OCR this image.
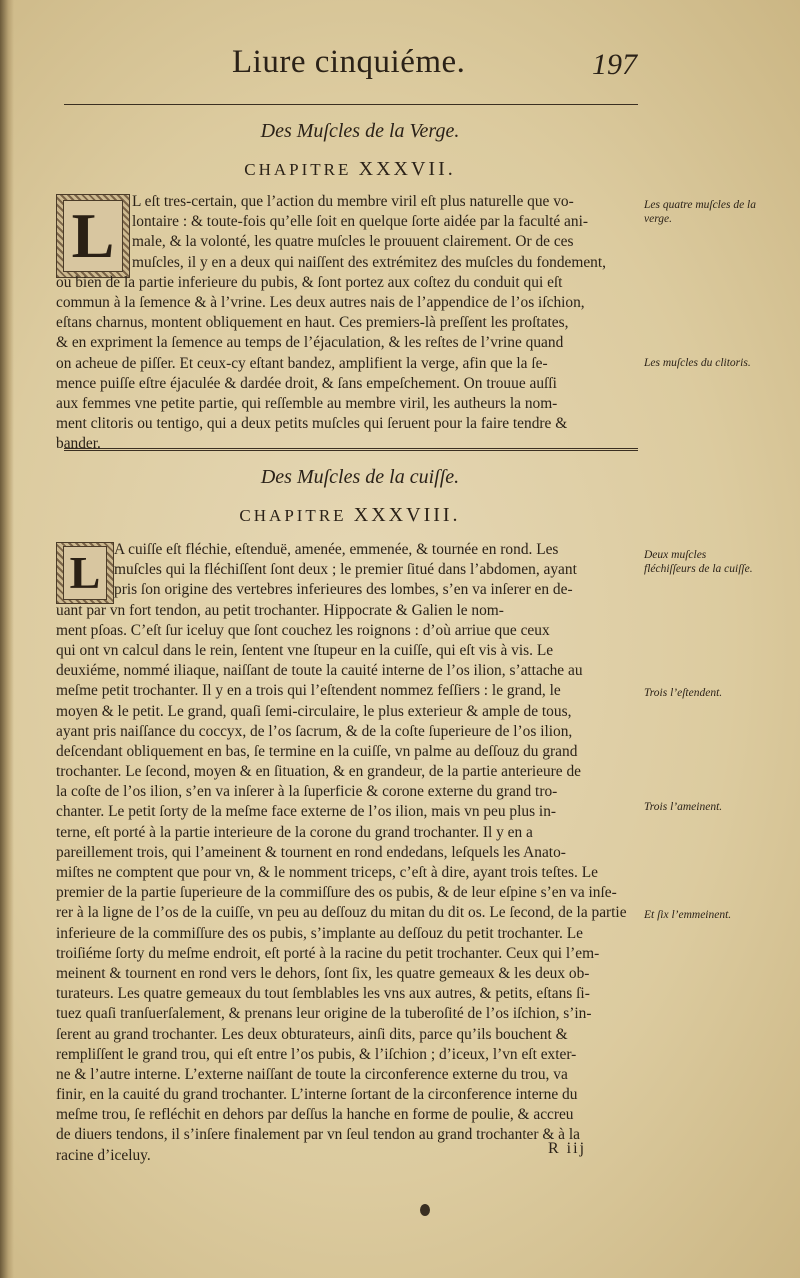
Liure cinquiéme.	197
Des Muſcles de la Verge.
CHAPITRE XXXVII.
L	L eſt tres-certain, que l’action du membre viril eſt plus naturelle que vo-
lontaire : & toute-fois qu’elle ſoit en quelque ſorte aidée par la faculté ani-
male, & la volonté, les quatre muſcles le prouuent clairement. Or de ces
muſcles, il y en a deux qui naiſſent des extrémitez des muſcles du fondement,
ou bien de la partie inferieure du pubis, & ſont portez aux coſtez du conduit qui eſt
commun à la ſemence & à l’vrine. Les deux autres nais de l’appendice de l’os iſchion,
eſtans charnus, montent obliquement en haut. Ces premiers-là preſſent les proſtates,
& en expriment la ſemence au temps de l’éjaculation, & les reſtes de l’vrine quand
on acheue de piſſer. Et ceux-cy eſtant bandez, amplifient la verge, afin que la ſe-
mence puiſſe eſtre éjaculée & dardée droit, & ſans empeſchement. On trouue auſſi
aux femmes vne petite partie, qui reſſemble au membre viril, les autheurs la nom-
ment clitoris ou tentigo, qui a deux petits muſcles qui ſeruent pour la faire tendre &
bander.
Les quatre muſcles de la verge.
Les muſcles du clitoris.
Des Muſcles de la cuiſſe.
CHAPITRE XXXVIII.
L A cuiſſe eſt fléchie, eſtenduë, amenée, emmenée, & tournée en rond. Les
muſcles qui la fléchiſſent ſont deux ; le premier ſitué dans l’abdomen, ayant
pris ſon origine des vertebres inferieures des lombes, s’en va inſerer en de-
uant par vn fort tendon, au petit trochanter. Hippocrate & Galien le nom-
ment pſoas. C’eſt ſur iceluy que ſont couchez les roignons : d’où arriue que ceux
qui ont vn calcul dans le rein, ſentent vne ſtupeur en la cuiſſe, qui eſt vis à vis. Le
deuxiéme, nommé iliaque, naiſſant de toute la cauité interne de l’os ilion, s’attache au
meſme petit trochanter. Il y en a trois qui l’eſtendent nommez feſſiers : le grand, le
moyen & le petit. Le grand, quaſi ſemi-circulaire, le plus exterieur & ample de tous,
ayant pris naiſſance du coccyx, de l’os ſacrum, & de la coſte ſuperieure de l’os ilion,
deſcendant obliquement en bas, ſe termine en la cuiſſe, vn palme au deſſouz du grand
trochanter. Le ſecond, moyen & en ſituation, & en grandeur, de la partie anterieure de
la coſte de l’os ilion, s’en va inſerer à la ſuperficie & corone externe du grand tro-
chanter. Le petit ſorty de la meſme face externe de l’os ilion, mais vn peu plus in-
terne, eſt porté à la partie interieure de la corone du grand trochanter. Il y en a
pareillement trois, qui l’ameinent & tournent en rond endedans, leſquels les Anato-
miſtes ne comptent que pour vn, & le nomment triceps, c’eſt à dire, ayant trois teſtes. Le
premier de la partie ſuperieure de la commiſſure des os pubis, & de leur eſpine s’en va inſe-
rer à la ligne de l’os de la cuiſſe, vn peu au deſſouz du mitan du dit os. Le ſecond, de la partie
inferieure de la commiſſure des os pubis, s’implante au deſſouz du petit trochanter. Le
troiſiéme ſorty du meſme endroit, eſt porté à la racine du petit trochanter. Ceux qui l’em-
meinent & tournent en rond vers le dehors, ſont ſix, les quatre gemeaux & les deux ob-
turateurs. Les quatre gemeaux du tout ſemblables les vns aux autres, & petits, eſtans ſi-
tuez quaſi tranſuerſalement, & prenans leur origine de la tuberoſité de l’os iſchion, s’in-
ſerent au grand trochanter. Les deux obturateurs, ainſi dits, parce qu’ils bouchent &
rempliſſent le grand trou, qui eſt entre l’os pubis, & l’iſchion ; d’iceux, l’vn eſt exter-
ne & l’autre interne. L’externe naiſſant de toute la circonference externe du trou, va
finir, en la cauité du grand trochanter. L’interne ſortant de la circonference interne du
meſme trou, ſe refléchit en dehors par deſſus la hanche en forme de poulie, & accreu
de diuers tendons, il s’inſere finalement par vn ſeul tendon au grand trochanter & à la
racine d’iceluy.
Deux muſcles fléchiſſeurs de la cuiſſe.
Trois l’eſtendent.
Trois l’ameinent.
Et ſix l’emmeinent.
R iij
